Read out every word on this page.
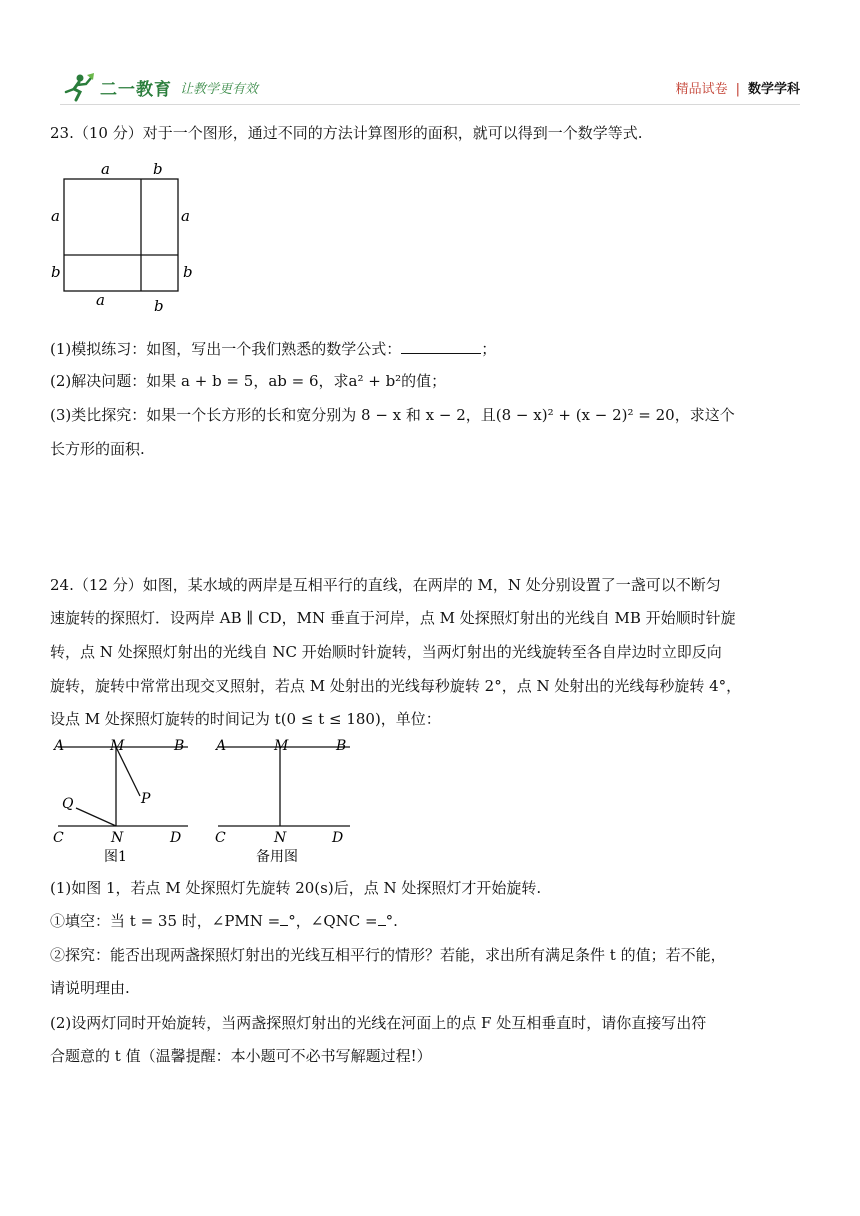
二一教育 让教学更有效	精品试卷 | 数学学科
23.（10 分）对于一个图形，通过不同的方法计算图形的面积，就可以得到一个数学等式.
a	b
a
b
a
b
a	b
(1)模拟练习：如图，写出一个我们熟悉的数学公式：	；
(2)解决问题：如果 a + b = 5，ab = 6，求a² + b²的值；
(3)类比探究：如果一个长方形的长和宽分别为 8 − x 和 x − 2，且(8 − x)² + (x − 2)² = 20，求这个
长方形的面积.
24.（12 分）如图，某水域的两岸是互相平行的直线，在两岸的 M，N 处分别设置了一盏可以不断匀
速旋转的探照灯．设两岸 AB ∥ CD，MN 垂直于河岸，点 M 处探照灯射出的光线自 MB 开始顺时针旋
转，点 N 处探照灯射出的光线自 NC 开始顺时针旋转，当两灯射出的光线旋转至各自岸边时立即反向
旋转，旋转中常常出现交叉照射，若点 M 处射出的光线每秒旋转 2°，点 N 处射出的光线每秒旋转 4°，
设点 M 处探照灯旋转的时间记为 t(0 ≤ t ≤ 180)，单位：
A	M	B
P
Q
C	N	D
图1
A	M	B
C	N	D
备用图
(1)如图 1，若点 M 处探照灯先旋转 20(s)后，点 N 处探照灯才开始旋转.
①填空：当 t = 35 时，∠PMN = °，∠QNC = °.
②探究：能否出现两盏探照灯射出的光线互相平行的情形？若能，求出所有满足条件 t 的值；若不能，
请说明理由.
(2)设两灯同时开始旋转，当两盏探照灯射出的光线在河面上的点 F 处互相垂直时，请你直接写出符
合题意的 t 值（温馨提醒：本小题可不必书写解题过程!）
